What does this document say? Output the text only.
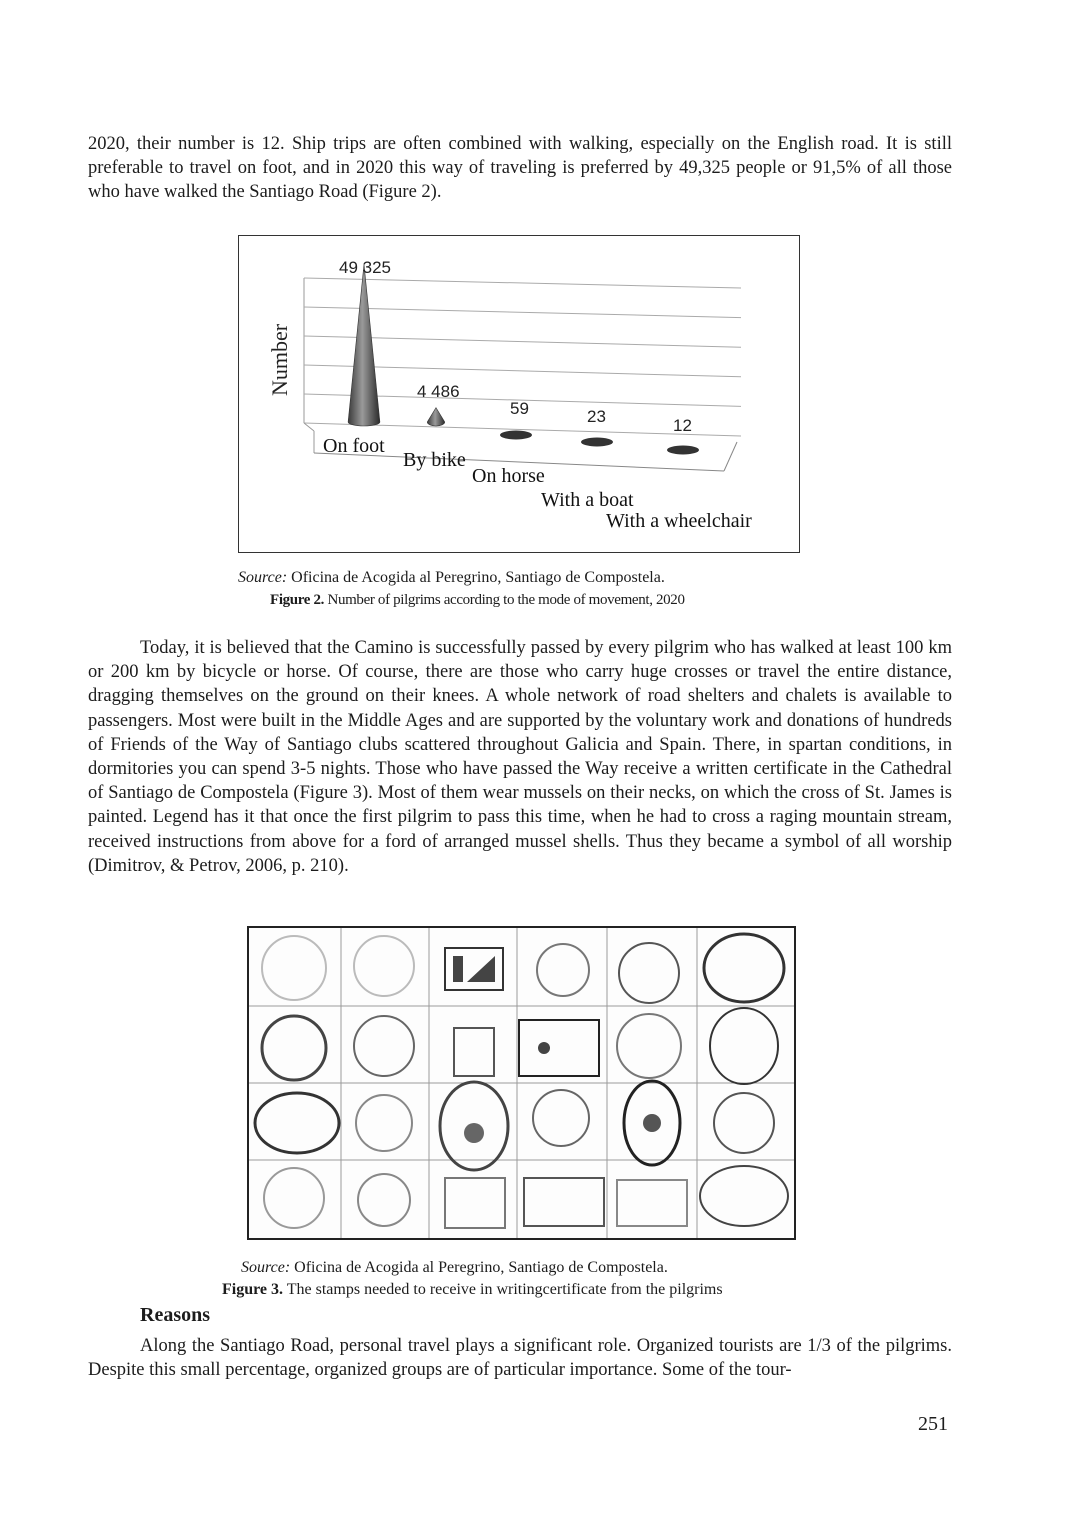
2020, their number is 12. Ship trips are often combined with walking, especially on the English road. It is still preferable to travel on foot, and in 2020 this way of traveling is preferred by 49,325 people or 91,5% of all those who have walked the Santiago Road (Figure 2).

Number
49 325
4 486
59	23	12
On foot
By bike
On horse
With a boat
With a wheelchair

Source: Oficina de Acogida al Peregrino, Santiago de Compostela.

Figure 2. Number of pilgrims according to the mode of movement, 2020

Today, it is believed that the Camino is successfully passed by every pilgrim who has walked at least 100 km or 200 km by bicycle or horse. Of course, there are those who carry huge crosses or travel the entire distance, dragging themselves on the ground on their knees. A whole network of road shelters and chalets is available to passengers. Most were built in the Middle Ages and are supported by the voluntary work and donations of hundreds of Friends of the Way of Santiago clubs scattered throughout Galicia and Spain. There, in spartan conditions, in dormitories you can spend 3-5 nights. Those who have passed the Way receive a written certificate in the Cathedral of Santiago de Compostela (Figure 3). Most of them wear mussels on their necks, on which the cross of St. James is painted. Legend has it that once the first pilgrim to pass this time, when he had to cross a raging mountain stream, received instructions from above for a ford of arranged mussel shells. Thus they became a symbol of all worship (Dimitrov, & Petrov, 2006, p. 210).

Source: Oficina de Acogida al Peregrino, Santiago de Compostela.

Figure 3. The stamps needed to receive in writingcertificate from the pilgrims

Reasons

Along the Santiago Road, personal travel plays a significant role. Organized tourists are 1/3 of the pilgrims. Despite this small percentage, organized groups are of particular importance. Some of the tour-

251
